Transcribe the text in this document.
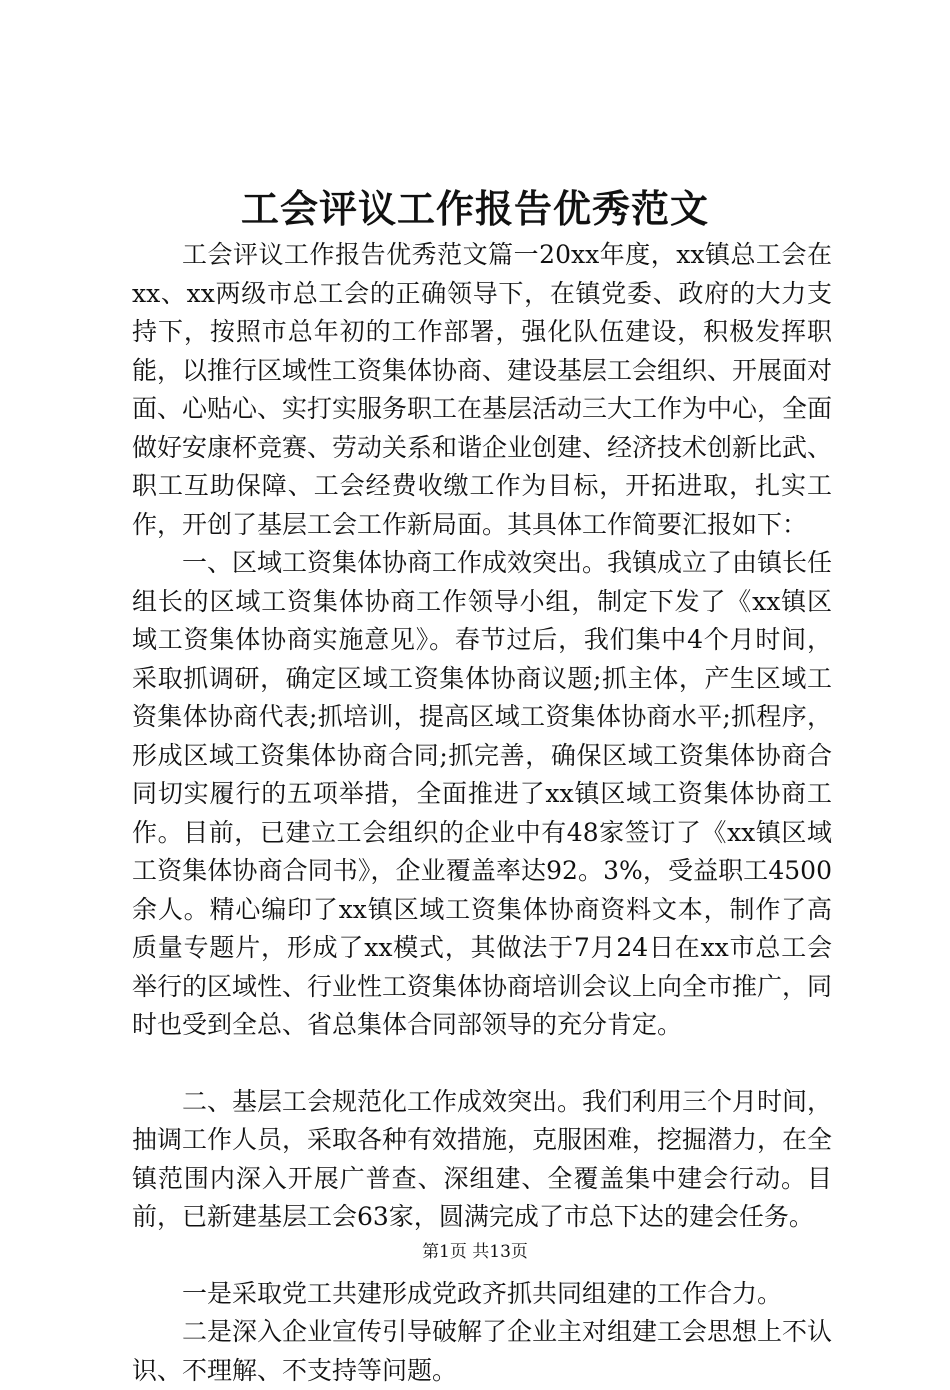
工会评议工作报告优秀范文

工会评议工作报告优秀范文篇一20xx年度，xx镇总工会在xx、xx两级市总工会的正确领导下，在镇党委、政府的大力支持下，按照市总年初的工作部署，强化队伍建设，积极发挥职能，以推行区域性工资集体协商、建设基层工会组织、开展面对面、心贴心、实打实服务职工在基层活动三大工作为中心，全面做好安康杯竞赛、劳动关系和谐企业创建、经济技术创新比武、职工互助保障、工会经费收缴工作为目标，开拓进取，扎实工作，开创了基层工会工作新局面。其具体工作简要汇报如下：

一、区域工资集体协商工作成效突出。我镇成立了由镇长任组长的区域工资集体协商工作领导小组，制定下发了《xx镇区域工资集体协商实施意见》。春节过后，我们集中4个月时间，采取抓调研，确定区域工资集体协商议题;抓主体，产生区域工资集体协商代表;抓培训，提高区域工资集体协商水平;抓程序，形成区域工资集体协商合同;抓完善，确保区域工资集体协商合同切实履行的五项举措，全面推进了xx镇区域工资集体协商工作。目前，已建立工会组织的企业中有48家签订了《xx镇区域工资集体协商合同书》，企业覆盖率达92。3%，受益职工4500余人。精心编印了xx镇区域工资集体协商资料文本，制作了高质量专题片，形成了xx模式，其做法于7月24日在xx市总工会举行的区域性、行业性工资集体协商培训会议上向全市推广，同时也受到全总、省总集体合同部领导的充分肯定。

二、基层工会规范化工作成效突出。我们利用三个月时间，抽调工作人员，采取各种有效措施，克服困难，挖掘潜力，在全镇范围内深入开展广普查、深组建、全覆盖集中建会行动。目前，已新建基层工会63家，圆满完成了市总下达的建会任务。

一是采取党工共建形成党政齐抓共同组建的工作合力。

二是深入企业宣传引导破解了企业主对组建工会思想上不认识、不理解、不支持等问题。

第1页 共13页
